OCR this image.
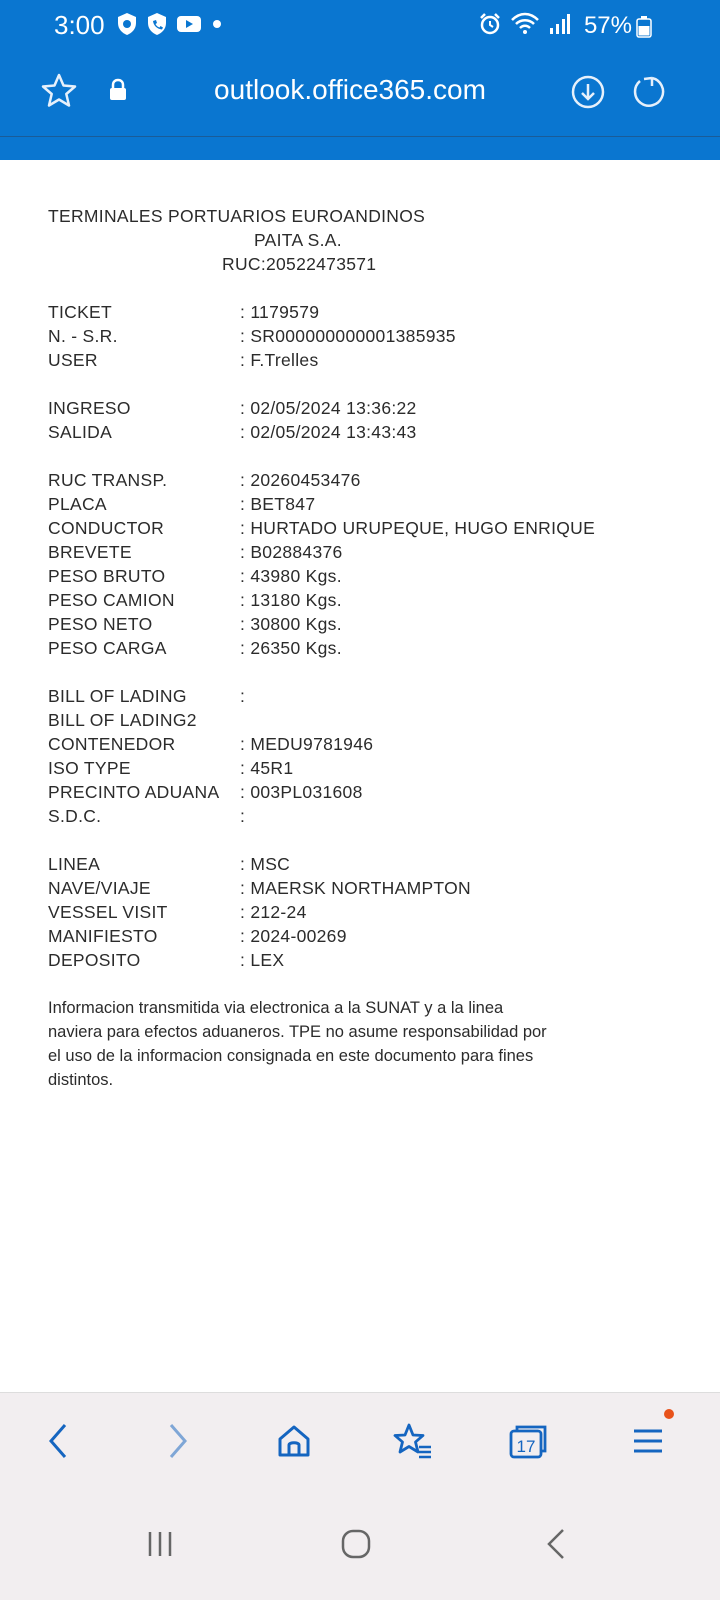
3:00	57%
outlook.office365.com
TERMINALES PORTUARIOS EUROANDINOS
PAITA S.A.
RUC:20522473571
TICKET	: 1179579
N. - S.R.	: SR000000000001385935
USER	: F.Trelles
INGRESO	: 02/05/2024 13:36:22
SALIDA	: 02/05/2024 13:43:43
RUC TRANSP.	: 20260453476
PLACA	: BET847
CONDUCTOR	: HURTADO URUPEQUE, HUGO ENRIQUE
BREVETE	: B02884376
PESO BRUTO	: 43980 Kgs.
PESO CAMION	: 13180 Kgs.
PESO NETO	: 30800 Kgs.
PESO CARGA	: 26350 Kgs.
BILL OF LADING	:
BILL OF LADING2
CONTENEDOR	: MEDU9781946
ISO TYPE	: 45R1
PRECINTO ADUANA	: 003PL031608
S.D.C.	:
LINEA	: MSC
NAVE/VIAJE	: MAERSK NORTHAMPTON
VESSEL VISIT	: 212-24
MANIFIESTO	: 2024-00269
DEPOSITO	: LEX
Informacion transmitida via electronica a la SUNAT y a la linea naviera para efectos aduaneros. TPE no asume responsabilidad por el uso de la informacion consignada en este documento para fines distintos.
17
